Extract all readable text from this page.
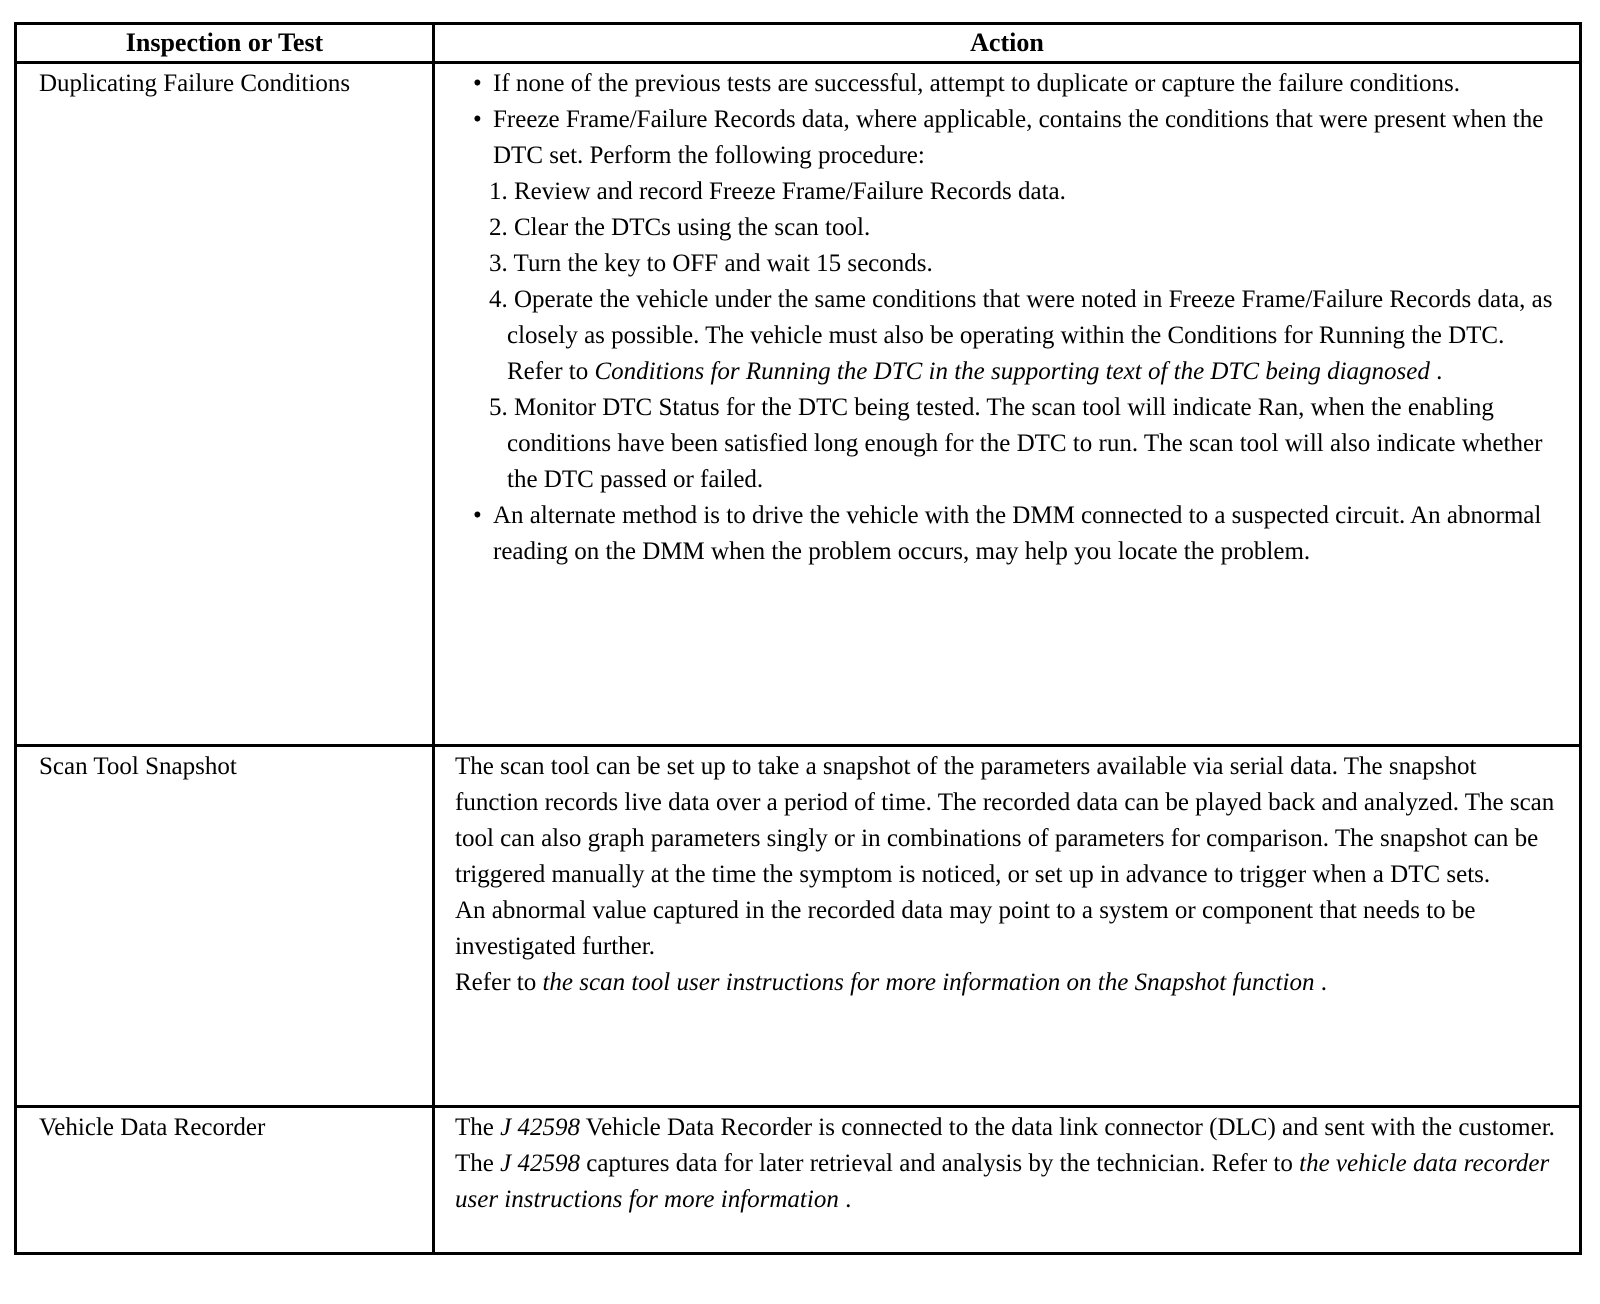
Inspection or Test	Action

Duplicating Failure Conditions	• If none of the previous tests are successful, attempt to duplicate or capture the failure conditions.

• Freeze Frame/Failure Records data, where applicable, contains the conditions that were present when the DTC set. Perform the following procedure:

1. Review and record Freeze Frame/Failure Records data.

2. Clear the DTCs using the scan tool.

3. Turn the key to OFF and wait 15 seconds.

4. Operate the vehicle under the same conditions that were noted in Freeze Frame/Failure Records data, as closely as possible. The vehicle must also be operating within the Conditions for Running the DTC. Refer to Conditions for Running the DTC in the supporting text of the DTC being diagnosed .

5. Monitor DTC Status for the DTC being tested. The scan tool will indicate Ran, when the enabling conditions have been satisfied long enough for the DTC to run. The scan tool will also indicate whether the DTC passed or failed.

• An alternate method is to drive the vehicle with the DMM connected to a suspected circuit. An abnormal reading on the DMM when the problem occurs, may help you locate the problem.

Scan Tool Snapshot	The scan tool can be set up to take a snapshot of the parameters available via serial data. The snapshot function records live data over a period of time. The recorded data can be played back and analyzed. The scan tool can also graph parameters singly or in combinations of parameters for comparison. The snapshot can be triggered manually at the time the symptom is noticed, or set up in advance to trigger when a DTC sets.

An abnormal value captured in the recorded data may point to a system or component that needs to be investigated further.

Refer to the scan tool user instructions for more information on the Snapshot function .

Vehicle Data Recorder	The J 42598 Vehicle Data Recorder is connected to the data link connector (DLC) and sent with the customer. The J 42598 captures data for later retrieval and analysis by the technician. Refer to the vehicle data recorder user instructions for more information .
